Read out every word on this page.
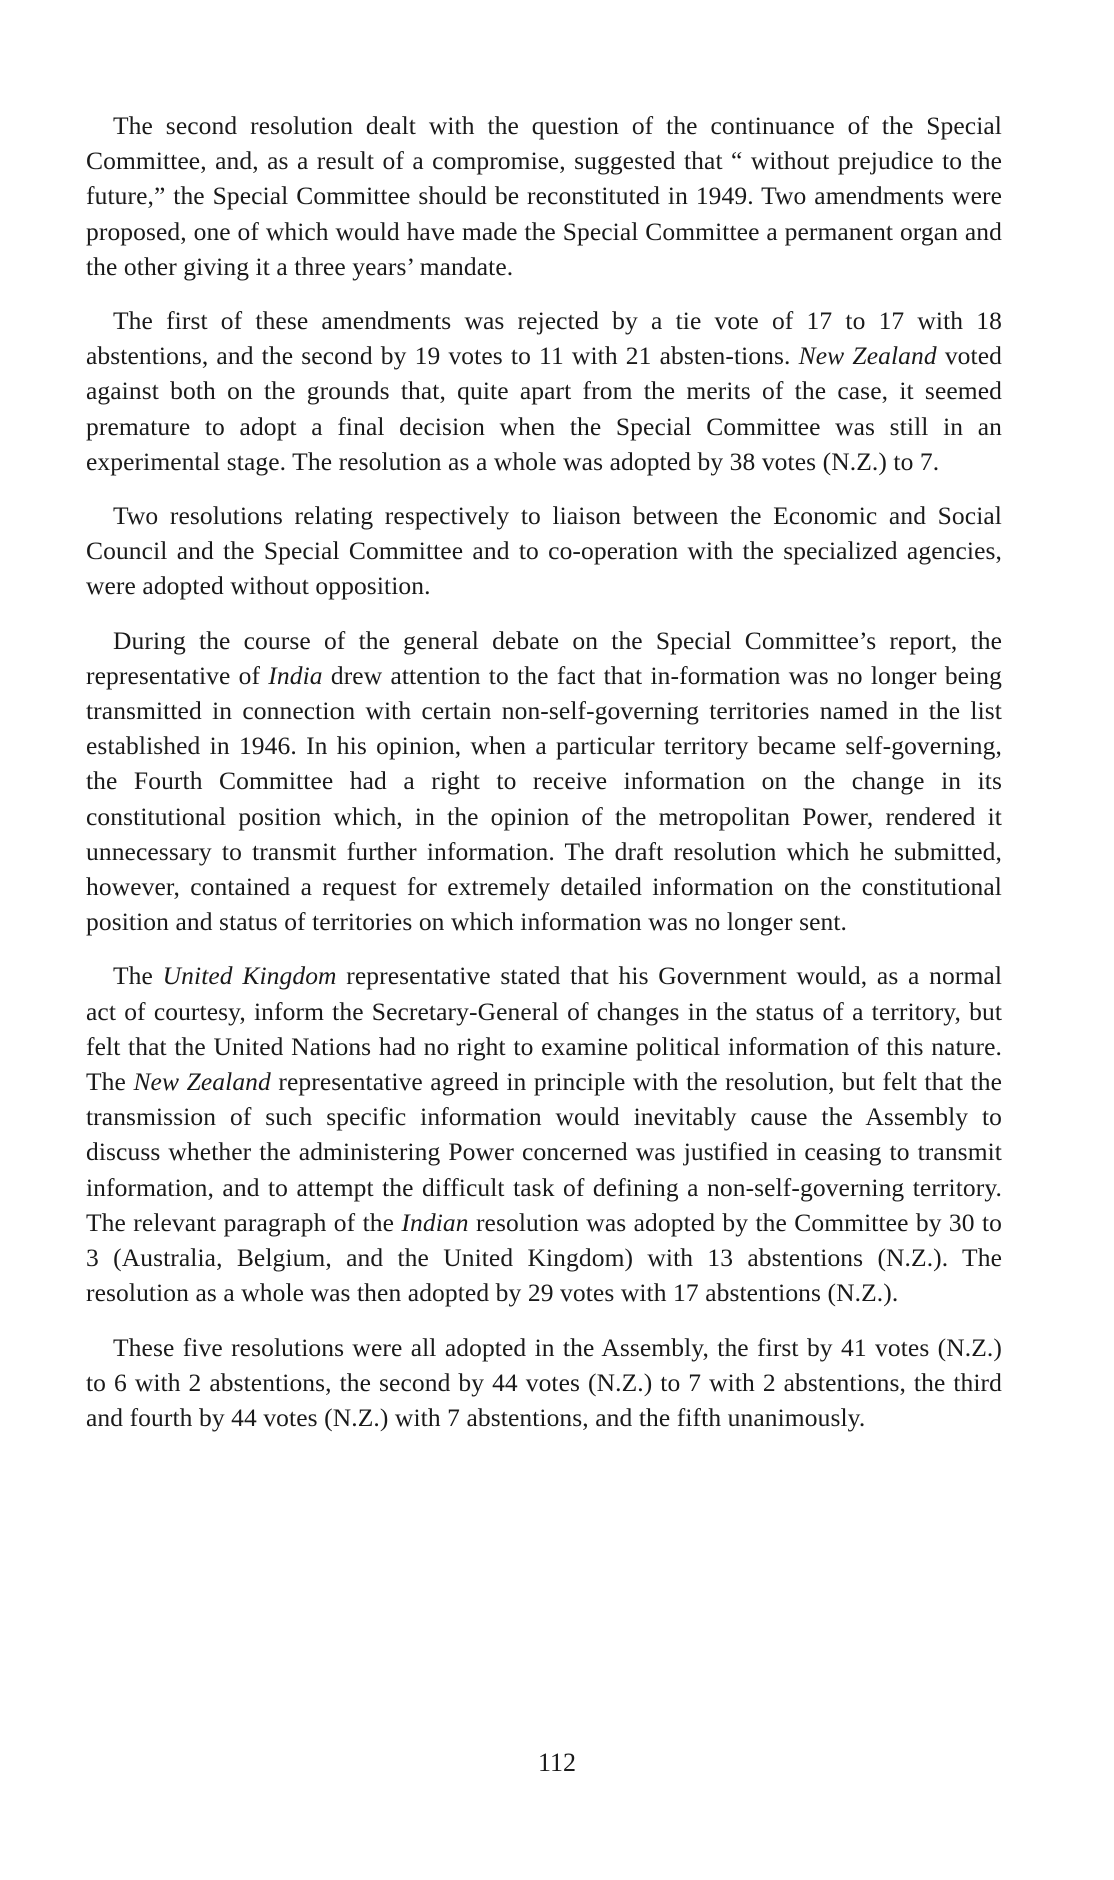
The second resolution dealt with the question of the continuance of the Special Committee, and, as a result of a compromise, suggested that “ without prejudice to the future,” the Special Committee should be reconstituted in 1949. Two amendments were proposed, one of which would have made the Special Committee a permanent organ and the other giving it a three years’ mandate.

The first of these amendments was rejected by a tie vote of 17 to 17 with 18 abstentions, and the second by 19 votes to 11 with 21 absten-tions. New Zealand voted against both on the grounds that, quite apart from the merits of the case, it seemed premature to adopt a final decision when the Special Committee was still in an experimental stage. The resolution as a whole was adopted by 38 votes (N.Z.) to 7.

Two resolutions relating respectively to liaison between the Economic and Social Council and the Special Committee and to co-operation with the specialized agencies, were adopted without opposition.

During the course of the general debate on the Special Committee’s report, the representative of India drew attention to the fact that in-formation was no longer being transmitted in connection with certain non-self-governing territories named in the list established in 1946. In his opinion, when a particular territory became self-governing, the Fourth Committee had a right to receive information on the change in its constitutional position which, in the opinion of the metropolitan Power, rendered it unnecessary to transmit further information. The draft resolution which he submitted, however, contained a request for extremely detailed information on the constitutional position and status of territories on which information was no longer sent.

The United Kingdom representative stated that his Government would, as a normal act of courtesy, inform the Secretary-General of changes in the status of a territory, but felt that the United Nations had no right to examine political information of this nature. The New Zealand representative agreed in principle with the resolution, but felt that the transmission of such specific information would inevitably cause the Assembly to discuss whether the administering Power concerned was justified in ceasing to transmit information, and to attempt the difficult task of defining a non-self-governing territory. The relevant paragraph of the Indian resolution was adopted by the Committee by 30 to 3 (Australia, Belgium, and the United Kingdom) with 13 abstentions (N.Z.). The resolution as a whole was then adopted by 29 votes with 17 abstentions (N.Z.).

These five resolutions were all adopted in the Assembly, the first by 41 votes (N.Z.) to 6 with 2 abstentions, the second by 44 votes (N.Z.) to 7 with 2 abstentions, the third and fourth by 44 votes (N.Z.) with 7 abstentions, and the fifth unanimously.

112
